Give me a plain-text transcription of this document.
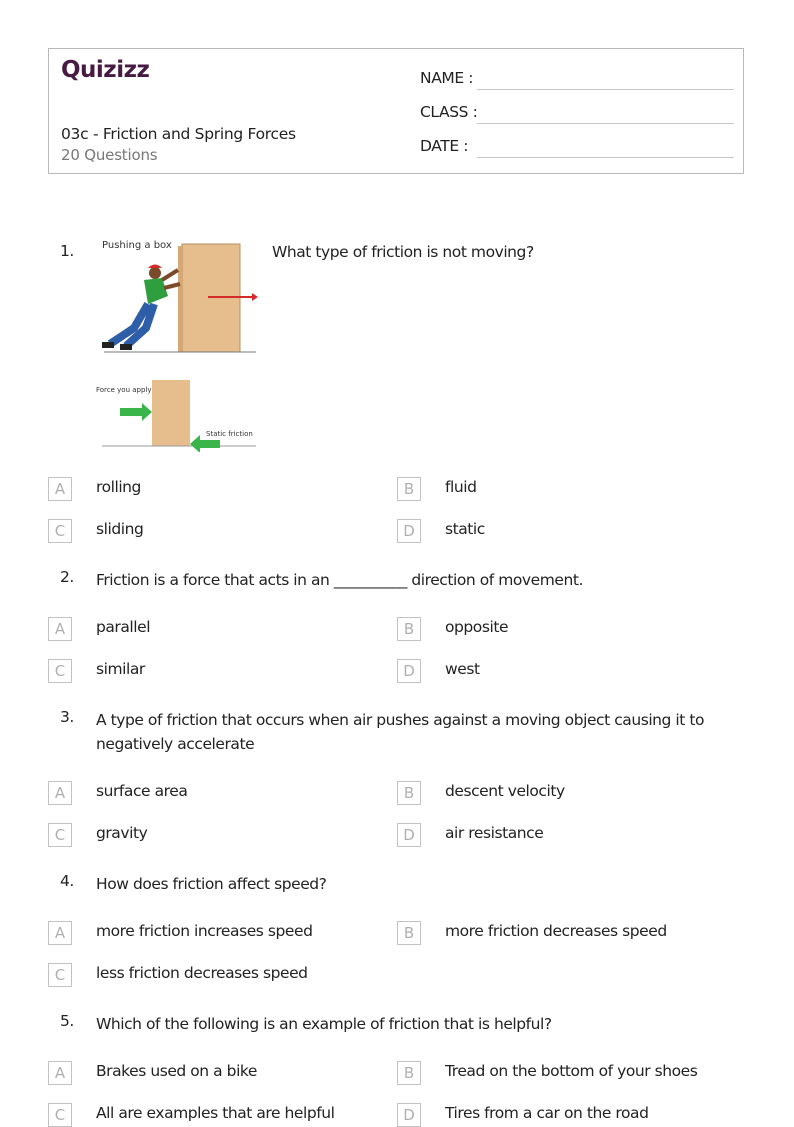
Quizizz
03c - Friction and Spring Forces
20 Questions
NAME :
CLASS :
DATE :
1.	What type of friction is not moving?
Pushing a box
Force you apply
Static friction
A	rolling	B	fluid
C	sliding	D	static
2. Friction is a force that acts in an __________ direction of movement.
A	parallel	B	opposite
C	similar	D	west
3. A type of friction that occurs when air pushes against a moving object causing it to negatively accelerate
A	surface area	B	descent velocity
C	gravity	D	air resistance
4. How does friction affect speed?
A	more friction increases speed	B	more friction decreases speed
C	less friction decreases speed
5. Which of the following is an example of friction that is helpful?
A	Brakes used on a bike	B	Tread on the bottom of your shoes
C	All are examples that are helpful	D	Tires from a car on the road
